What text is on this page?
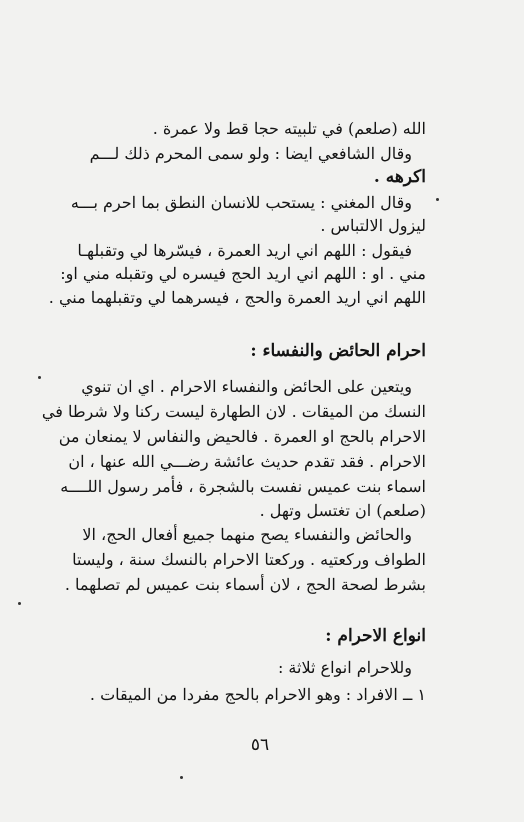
الله (صلعم) في تلبيته حجا قط ولا عمرة .
وقال الشافعي ايضا : ولو سمى المحرم ذلك لـــم
اكرهه .
وقال المغني : يستحب للانسان النطق بما احرم بـــه
ليزول الالتباس .
فيقول : اللهم اني اريد العمرة ، فيسّرها لي وتقبلهـا
مني . او : اللهم اني اريد الحج فيسره لي وتقبله مني او:
اللهم اني اريد العمرة والحج ، فيسرهما لي وتقبلهما مني .
احرام الحائض والنفساء :
ويتعين على الحائض والنفساء الاحرام . اي ان تنوي
النسك من الميقات . لان الطهارة ليست ركنا ولا شرطا في
الاحرام بالحج او العمرة . فالحيض والنفاس لا يمنعان من
الاحرام . فقد تقدم حديث عائشة رضـــي الله عنها ، ان
اسماء بنت عميس نفست بالشجرة ، فأمر رسول اللــــه
(صلعم) ان تغتسل وتهل .
والحائض والنفساء يصح منهما جميع أفعال الحج، الا
الطواف وركعتيه . وركعتا الاحرام بالنسك سنة ، وليستا
بشرط لصحة الحج ، لان أسماء بنت عميس لم تصلهما .
انواع الاحرام :
وللاحرام انواع ثلاثة :
١ ــ الافراد : وهو الاحرام بالحج مفردا من الميقات .
٥٦
